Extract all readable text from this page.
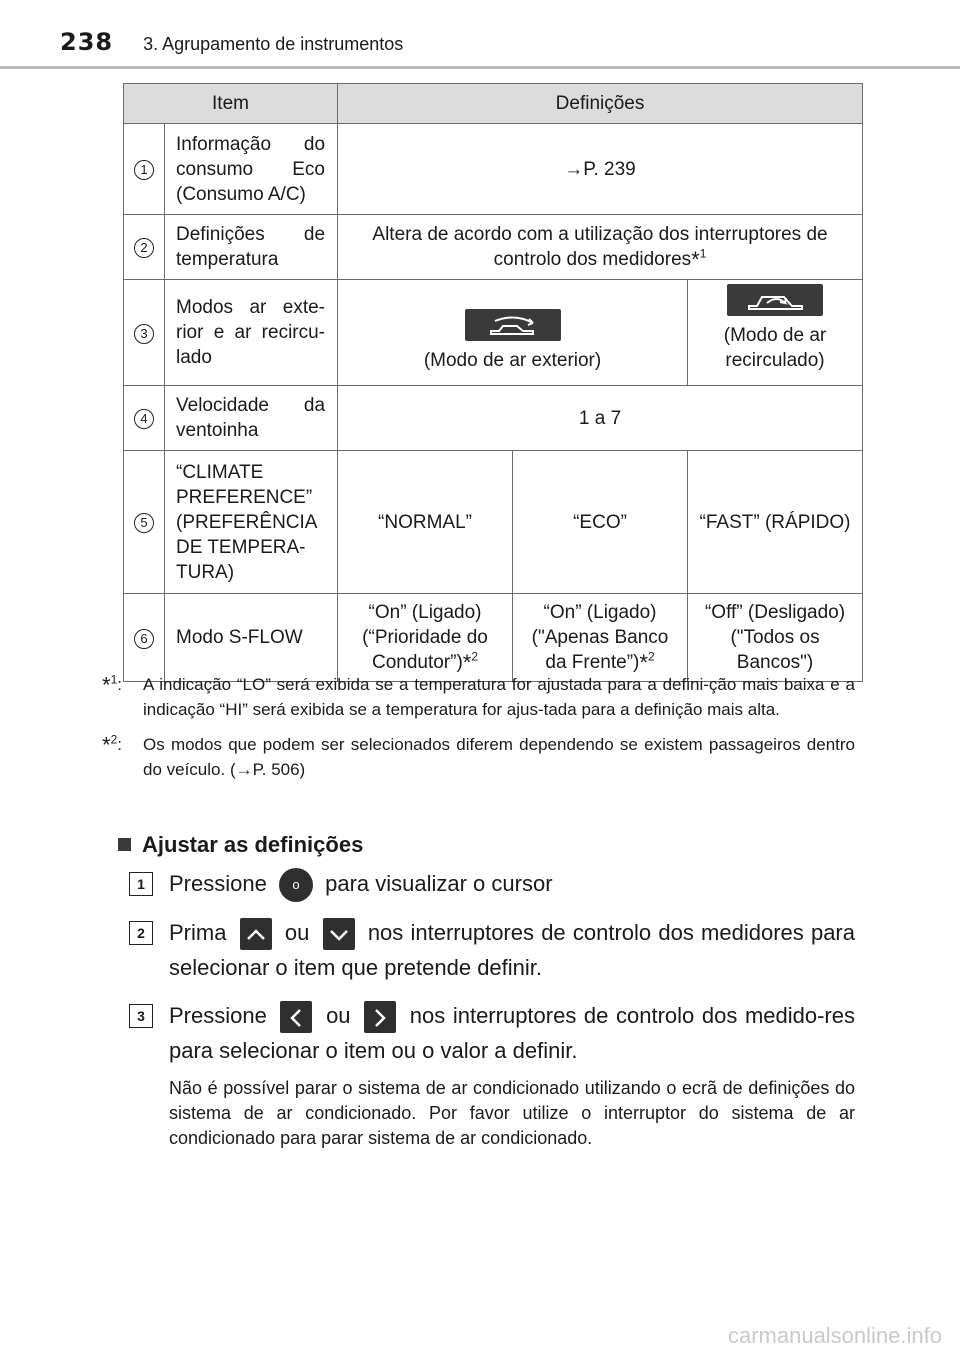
238 3. Agrupamento de instrumentos
Item		Definições		
1	Informação do consumo Eco (Consumo A/C)	→P. 239		
2	Definições de temperatura	Altera de acordo com a utilização dos interruptores de controlo dos medidores*$^1$
3	Modos ar exte-rior e ar recircu-lado	(Modo de ar exterior)		(Modo de ar recirculado)
4	Velocidade da ventoinha	1 a 7		
5	“CLIMATE PREFERENCE” (PREFERÊNCIA DE TEMPERA-TURA)	“NORMAL”	“ECO”	“FAST” (RÁPIDO)
6	Modo S-FLOW	“On” (Ligado) (“Prioridade do Condutor”)*$^2$	“On” (Ligado) ("Apenas Banco da Frente”)*$^2$	“Off” (Desligado) ("Todos os Bancos")
*$^1$: A indicação “LO” será exibida se a temperatura for ajustada para a defini-ção mais baixa e a indicação “HI” será exibida se a temperatura for ajus-tada para a definição mais alta.
*$^2$: Os modos que podem ser selecionados diferem dependendo se existem passageiros dentro do veículo. (→P. 506)
Ajustar as definições
1	Pressione o para visualizar o cursor
2	Prima	ou	nos interruptores de controlo dos medidores para selecionar o item que pretende definir.
3	Pressione	ou	nos interruptores de controlo dos medido-res para selecionar o item ou o valor a definir.
Não é possível parar o sistema de ar condicionado utilizando o ecrã de definições do sistema de ar condicionado. Por favor utilize o interruptor do sistema de ar condicionado para parar sistema de ar condicionado.
carmanualsonline.info
